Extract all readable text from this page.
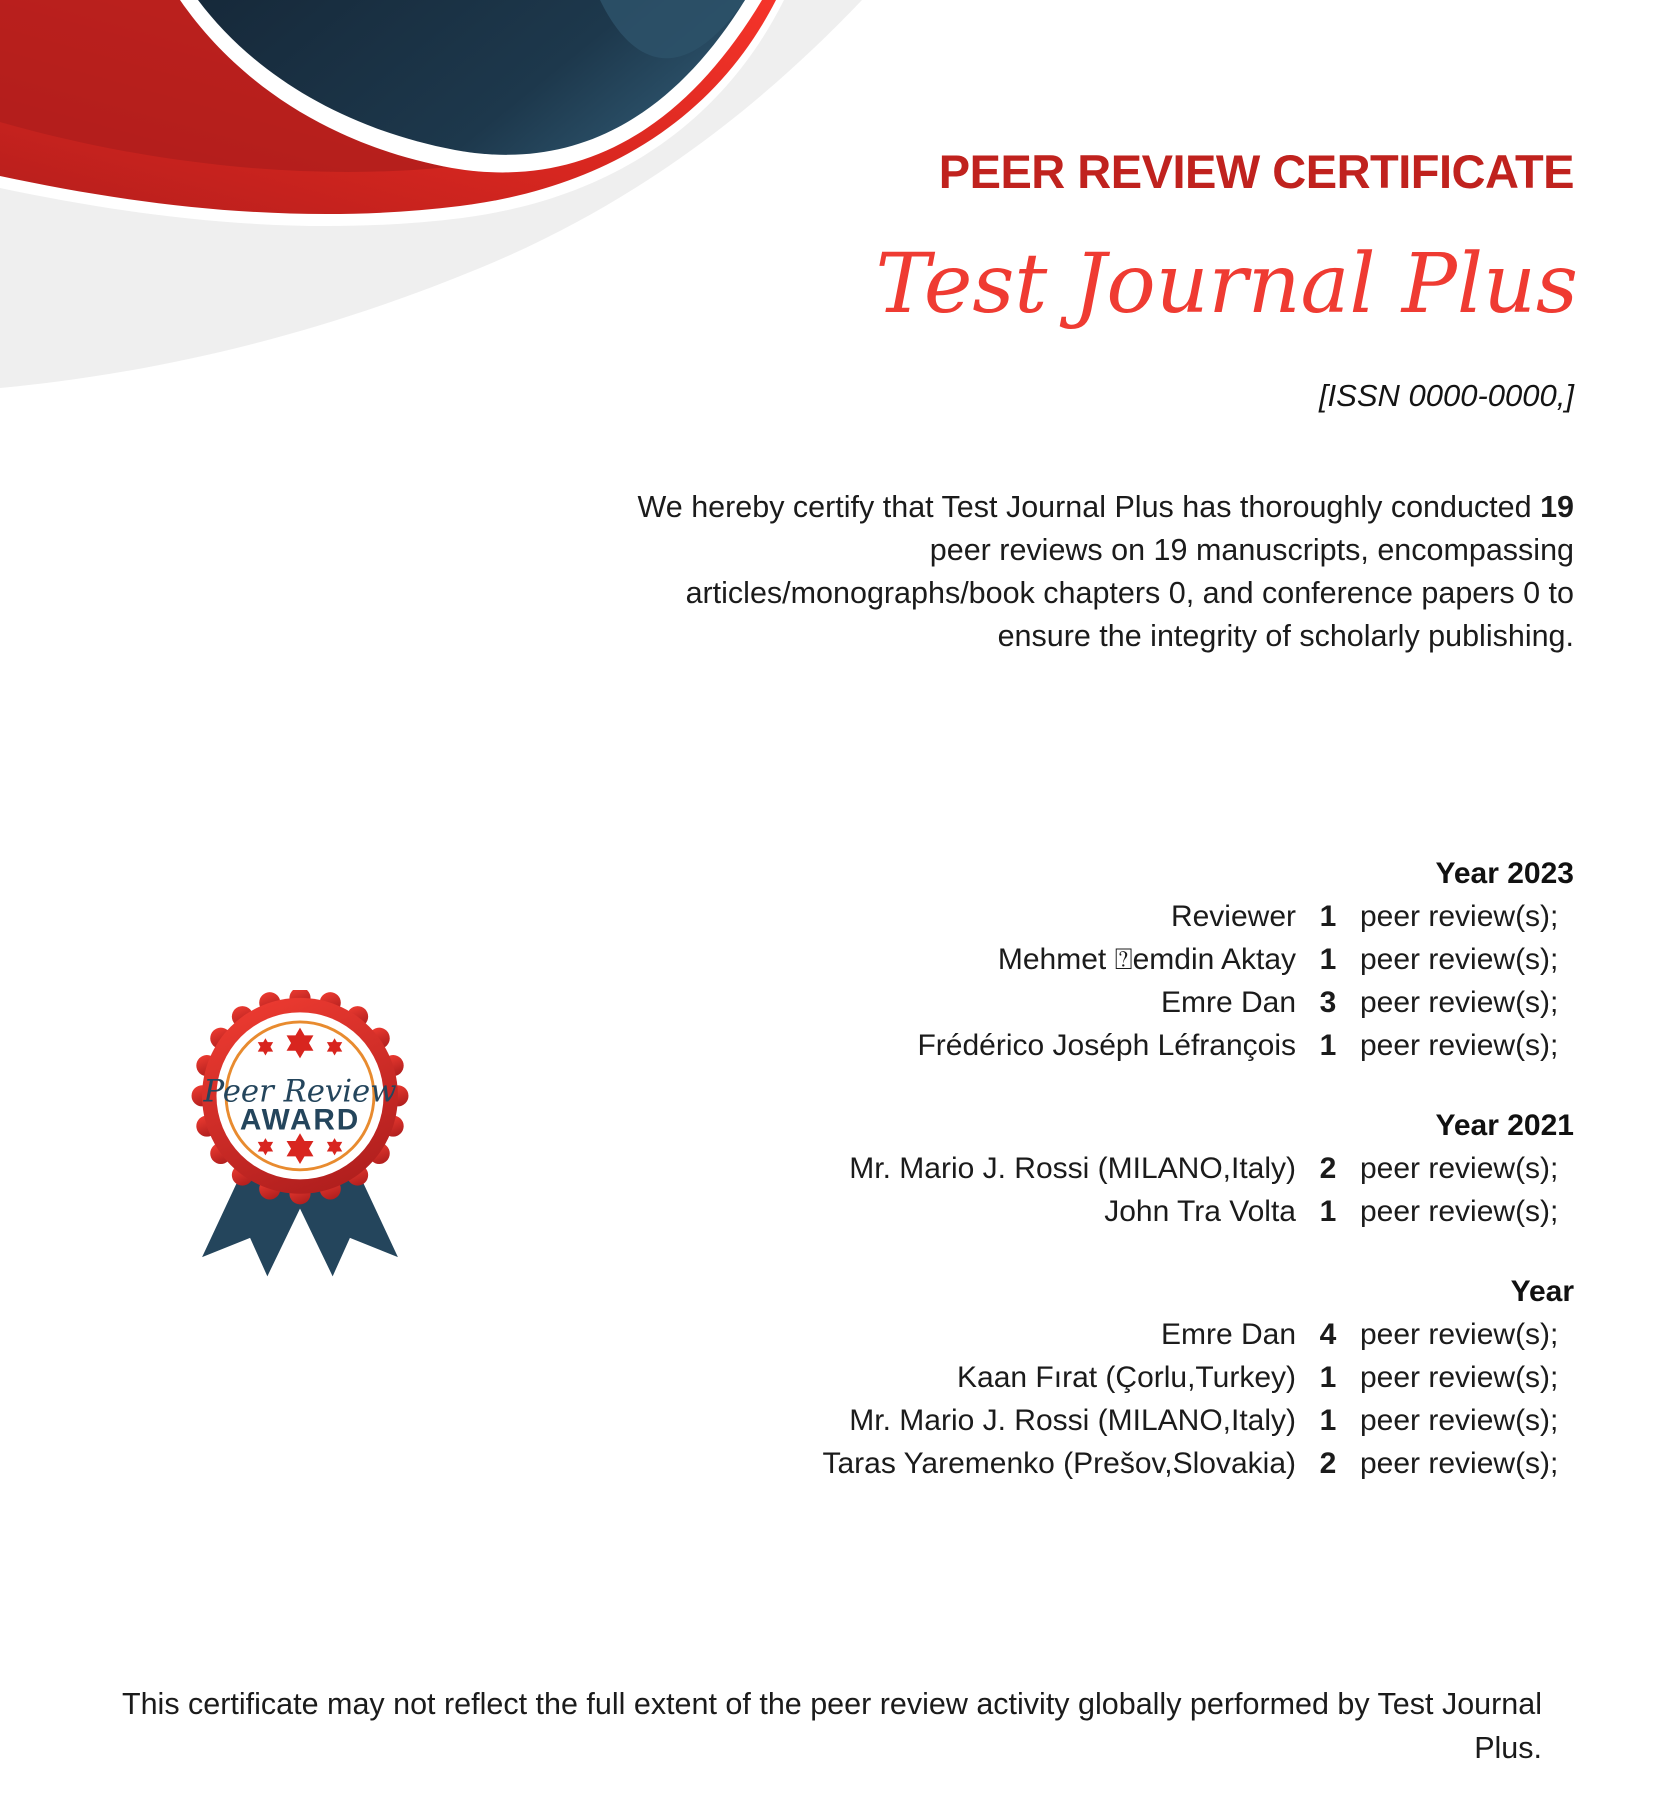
PEER REVIEW CERTIFICATE
Test Journal Plus
[ISSN 0000-0000,]
We hereby certify that Test Journal Plus has thoroughly conducted 19
peer reviews on 19 manuscripts, encompassing
articles/monographs/book chapters 0, and conference papers 0 to
ensure the integrity of scholarly publishing.
Year 2023
Reviewer 1 peer review(s);
Mehmet ⍰emdin Aktay 1 peer review(s);
Emre Dan 3 peer review(s);
Frédérico Joséph Léfrançois 1 peer review(s);
Year 2021
Mr. Mario J. Rossi (MILANO,Italy) 2 peer review(s);
John Tra Volta 1 peer review(s);
Year
Emre Dan 4 peer review(s);
Kaan Fırat (Çorlu,Turkey) 1 peer review(s);
Mr. Mario J. Rossi (MILANO,Italy) 1 peer review(s);
Taras Yaremenko (Prešov,Slovakia) 2 peer review(s);
Peer Review
AWARD
This certificate may not reflect the full extent of the peer review activity globally performed by Test Journal Plus.
